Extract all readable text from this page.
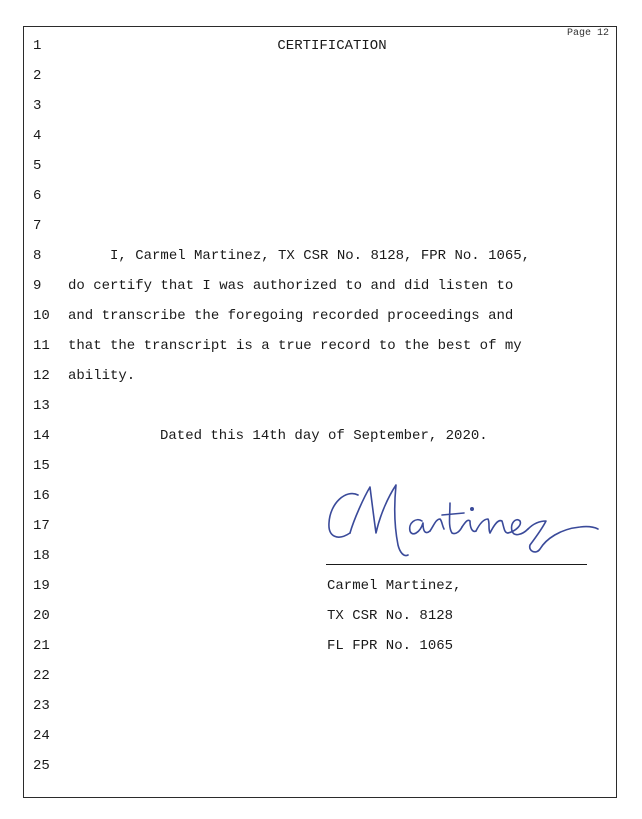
Page 12
1	CERTIFICATION
2
3
4
5
6
7
8	I, Carmel Martinez, TX CSR No. 8128, FPR No. 1065,
9	do certify that I was authorized to and did listen to
10 and transcribe the foregoing recorded proceedings and
11 that the transcript is a true record to the best of my
12 ability.
13
14	Dated this 14th day of September, 2020.
15
16
17
18
19	Carmel Martinez,
20	TX CSR No. 8128
21	FL FPR No. 1065
22
23
24
25
